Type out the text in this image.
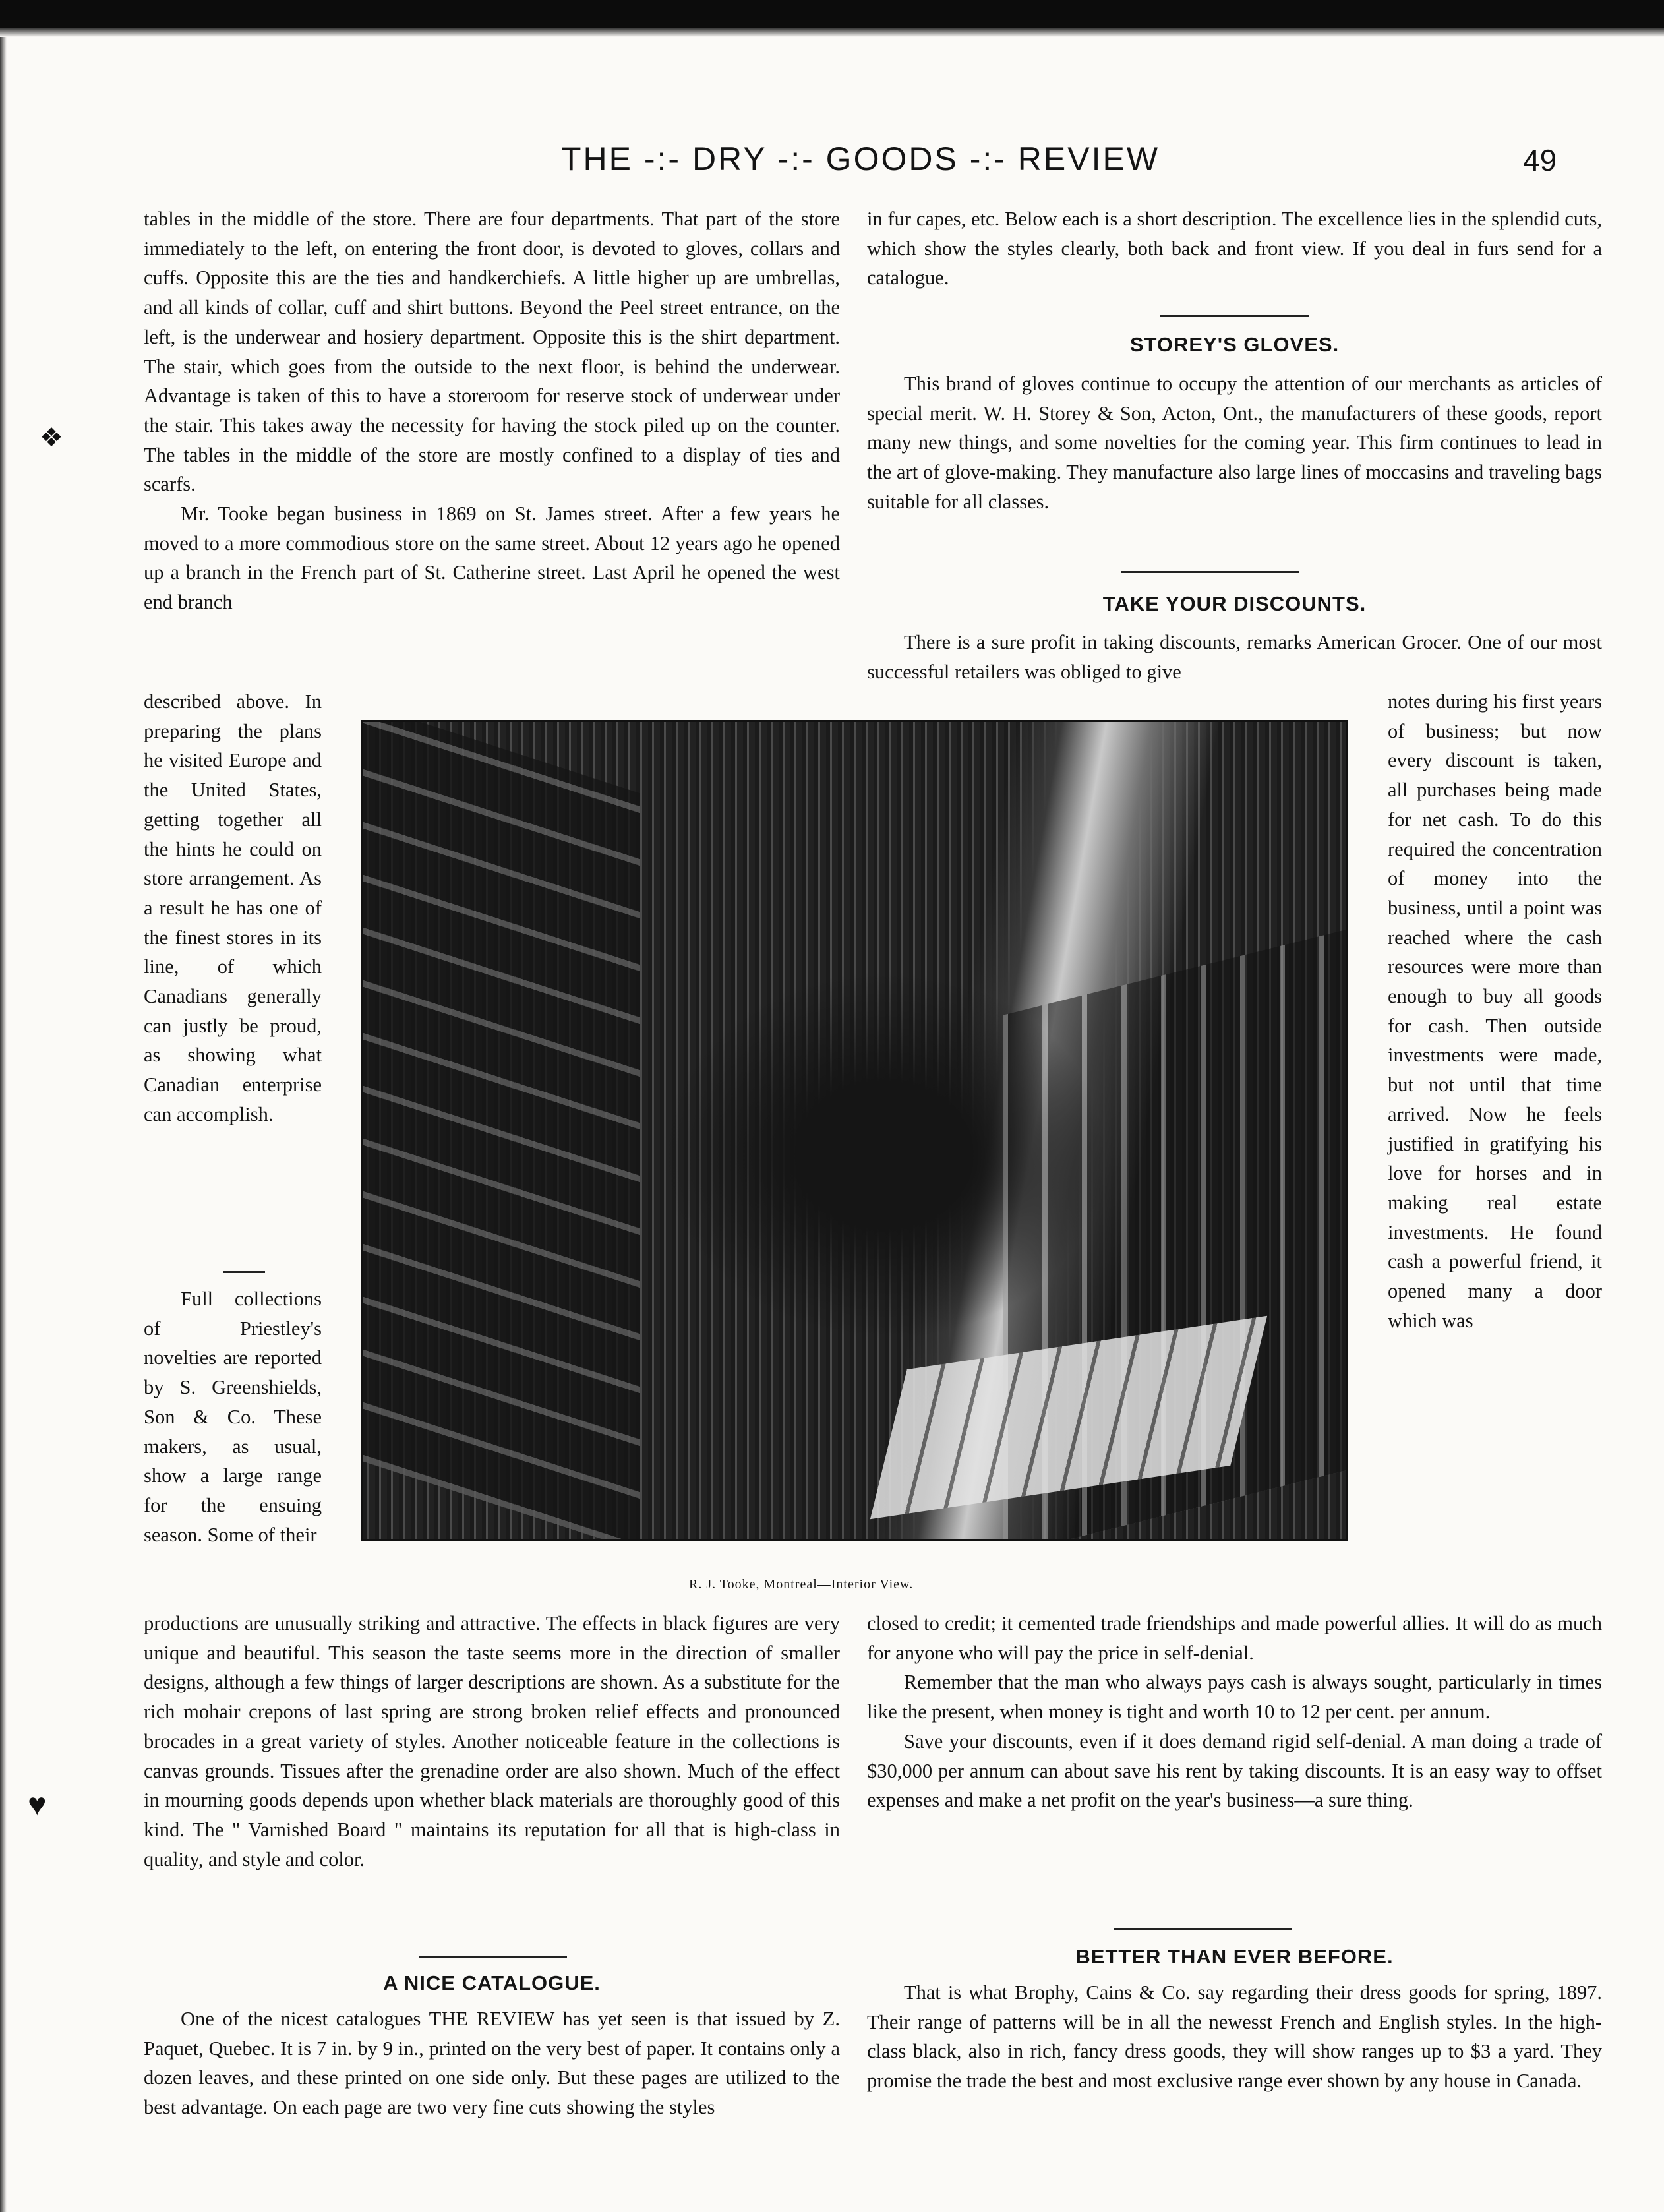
❖
♥
THE -:- DRY -:- GOODS -:- REVIEW	49

tables in the middle of the store. There are four departments. That part of the store immediately to the left, on entering the front door, is devoted to gloves, collars and cuffs. Opposite this are the ties and handkerchiefs. A little higher up are umbrellas, and all kinds of collar, cuff and shirt buttons. Beyond the Peel street entrance, on the left, is the underwear and hosiery department. Opposite this is the shirt department. The stair, which goes from the outside to the next floor, is behind the underwear. Advantage is taken of this to have a storeroom for reserve stock of underwear under the stair. This takes away the necessity for having the stock piled up on the counter. The tables in the middle of the store are mostly confined to a display of ties and scarfs.

Mr. Tooke began business in 1869 on St. James street. After a few years he moved to a more commodious store on the same street. About 12 years ago he opened up a branch in the French part of St. Catherine street. Last April he opened the west end branch

described above. In preparing the plans he visited Europe and the United States, getting together all the hints he could on store arrangement. As a result he has one of the finest stores in its line, of which Canadians generally can justly be proud, as showing what Canadian enterprise can accomplish.

Full collections of Priestley's novelties are reported by S. Greenshields, Son & Co. These makers, as usual, show a large range for the ensuing season. Some of their

R. J. Tooke, Montreal—Interior View.

productions are unusually striking and attractive. The effects in black figures are very unique and beautiful. This season the taste seems more in the direction of smaller designs, although a few things of larger descriptions are shown. As a substitute for the rich mohair crepons of last spring are strong broken relief effects and pronounced brocades in a great variety of styles. Another noticeable feature in the collections is canvas grounds. Tissues after the grenadine order are also shown. Much of the effect in mourning goods depends upon whether black materials are thoroughly good of this kind. The " Varnished Board " maintains its reputation for all that is high-class in quality, and style and color.

A NICE CATALOGUE.

One of the nicest catalogues THE REVIEW has yet seen is that issued by Z. Paquet, Quebec. It is 7 in. by 9 in., printed on the very best of paper. It contains only a dozen leaves, and these printed on one side only. But these pages are utilized to the best advantage. On each page are two very fine cuts showing the styles

in fur capes, etc. Below each is a short description. The excellence lies in the splendid cuts, which show the styles clearly, both back and front view. If you deal in furs send for a catalogue.

STOREY'S GLOVES.

This brand of gloves continue to occupy the attention of our merchants as articles of special merit. W. H. Storey & Son, Acton, Ont., the manufacturers of these goods, report many new things, and some novelties for the coming year. This firm continues to lead in the art of glove-making. They manufacture also large lines of moccasins and traveling bags suitable for all classes.

TAKE YOUR DISCOUNTS.

There is a sure profit in taking discounts, remarks American Grocer. One of our most successful retailers was obliged to give

notes during his first years of business; but now every discount is taken, all purchases being made for net cash. To do this required the concentration of money into the business, until a point was reached where the cash resources were more than enough to buy all goods for cash. Then outside investments were made, but not until that time arrived. Now he feels justified in gratifying his love for horses and in making real estate investments. He found cash a powerful friend, it opened many a door which was

closed to credit; it cemented trade friendships and made powerful allies. It will do as much for anyone who will pay the price in self-denial.

Remember that the man who always pays cash is always sought, particularly in times like the present, when money is tight and worth 10 to 12 per cent. per annum.

Save your discounts, even if it does demand rigid self-denial. A man doing a trade of $30,000 per annum can about save his rent by taking discounts. It is an easy way to offset expenses and make a net profit on the year's business—a sure thing.

BETTER THAN EVER BEFORE.

That is what Brophy, Cains & Co. say regarding their dress goods for spring, 1897. Their range of patterns will be in all the newesst French and English styles. In the high-class black, also in rich, fancy dress goods, they will show ranges up to $3 a yard. They promise the trade the best and most exclusive range ever shown by any house in Canada.
